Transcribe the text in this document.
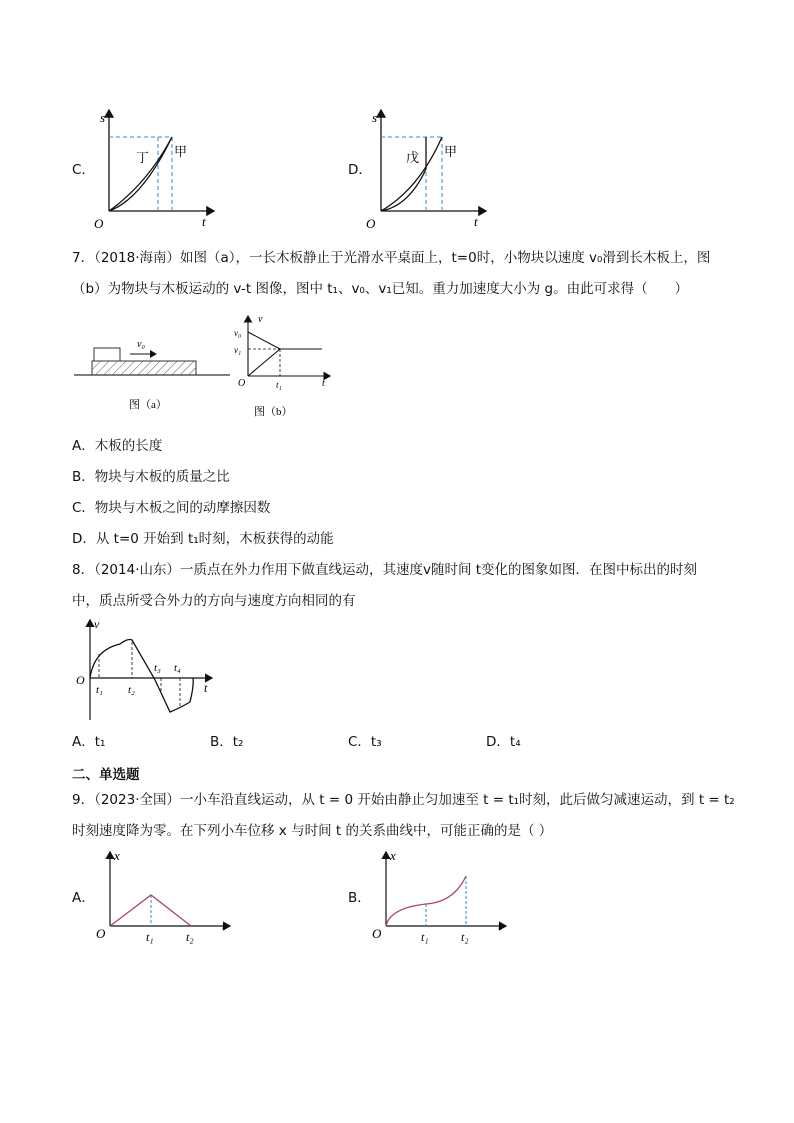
C．
s
t
O
丁 甲
D．
s
t
O
戊 甲
7．（2018·海南）如图（a），一长木板静止于光滑水平桌面上，t=0时，小物块以速度 v₀滑到长木板上，图
（b）为物块与木板运动的 v-t 图像，图中 t₁、v₀、v₁已知。重力加速度大小为 g。由此可求得（　　）
v₀
图（a）
v
t
v₀
v₁
t₁
O
图（b）
A．木板的长度
B．物块与木板的质量之比
C．物块与木板之间的动摩擦因数
D．从 t=0 开始到 t₁时刻，木板获得的动能
8．（2014·山东）一质点在外力作用下做直线运动，其速度v随时间 t变化的图象如图．在图中标出的时刻
中，质点所受合外力的方向与速度方向相同的有
v
t
O
t₁ t₂
t₃ t₄
A．t₁	B．t₂	C．t₃	D．t₄
二、单选题
9．（2023·全国）一小车沿直线运动，从 t = 0 开始由静止匀加速至 t = t₁时刻，此后做匀减速运动，到 t = t₂
时刻速度降为零。在下列小车位移 x 与时间 t 的关系曲线中，可能正确的是（ ）
A．
x
t
O	t₁	t₂
B．
x
t
O	t₁	t₂
